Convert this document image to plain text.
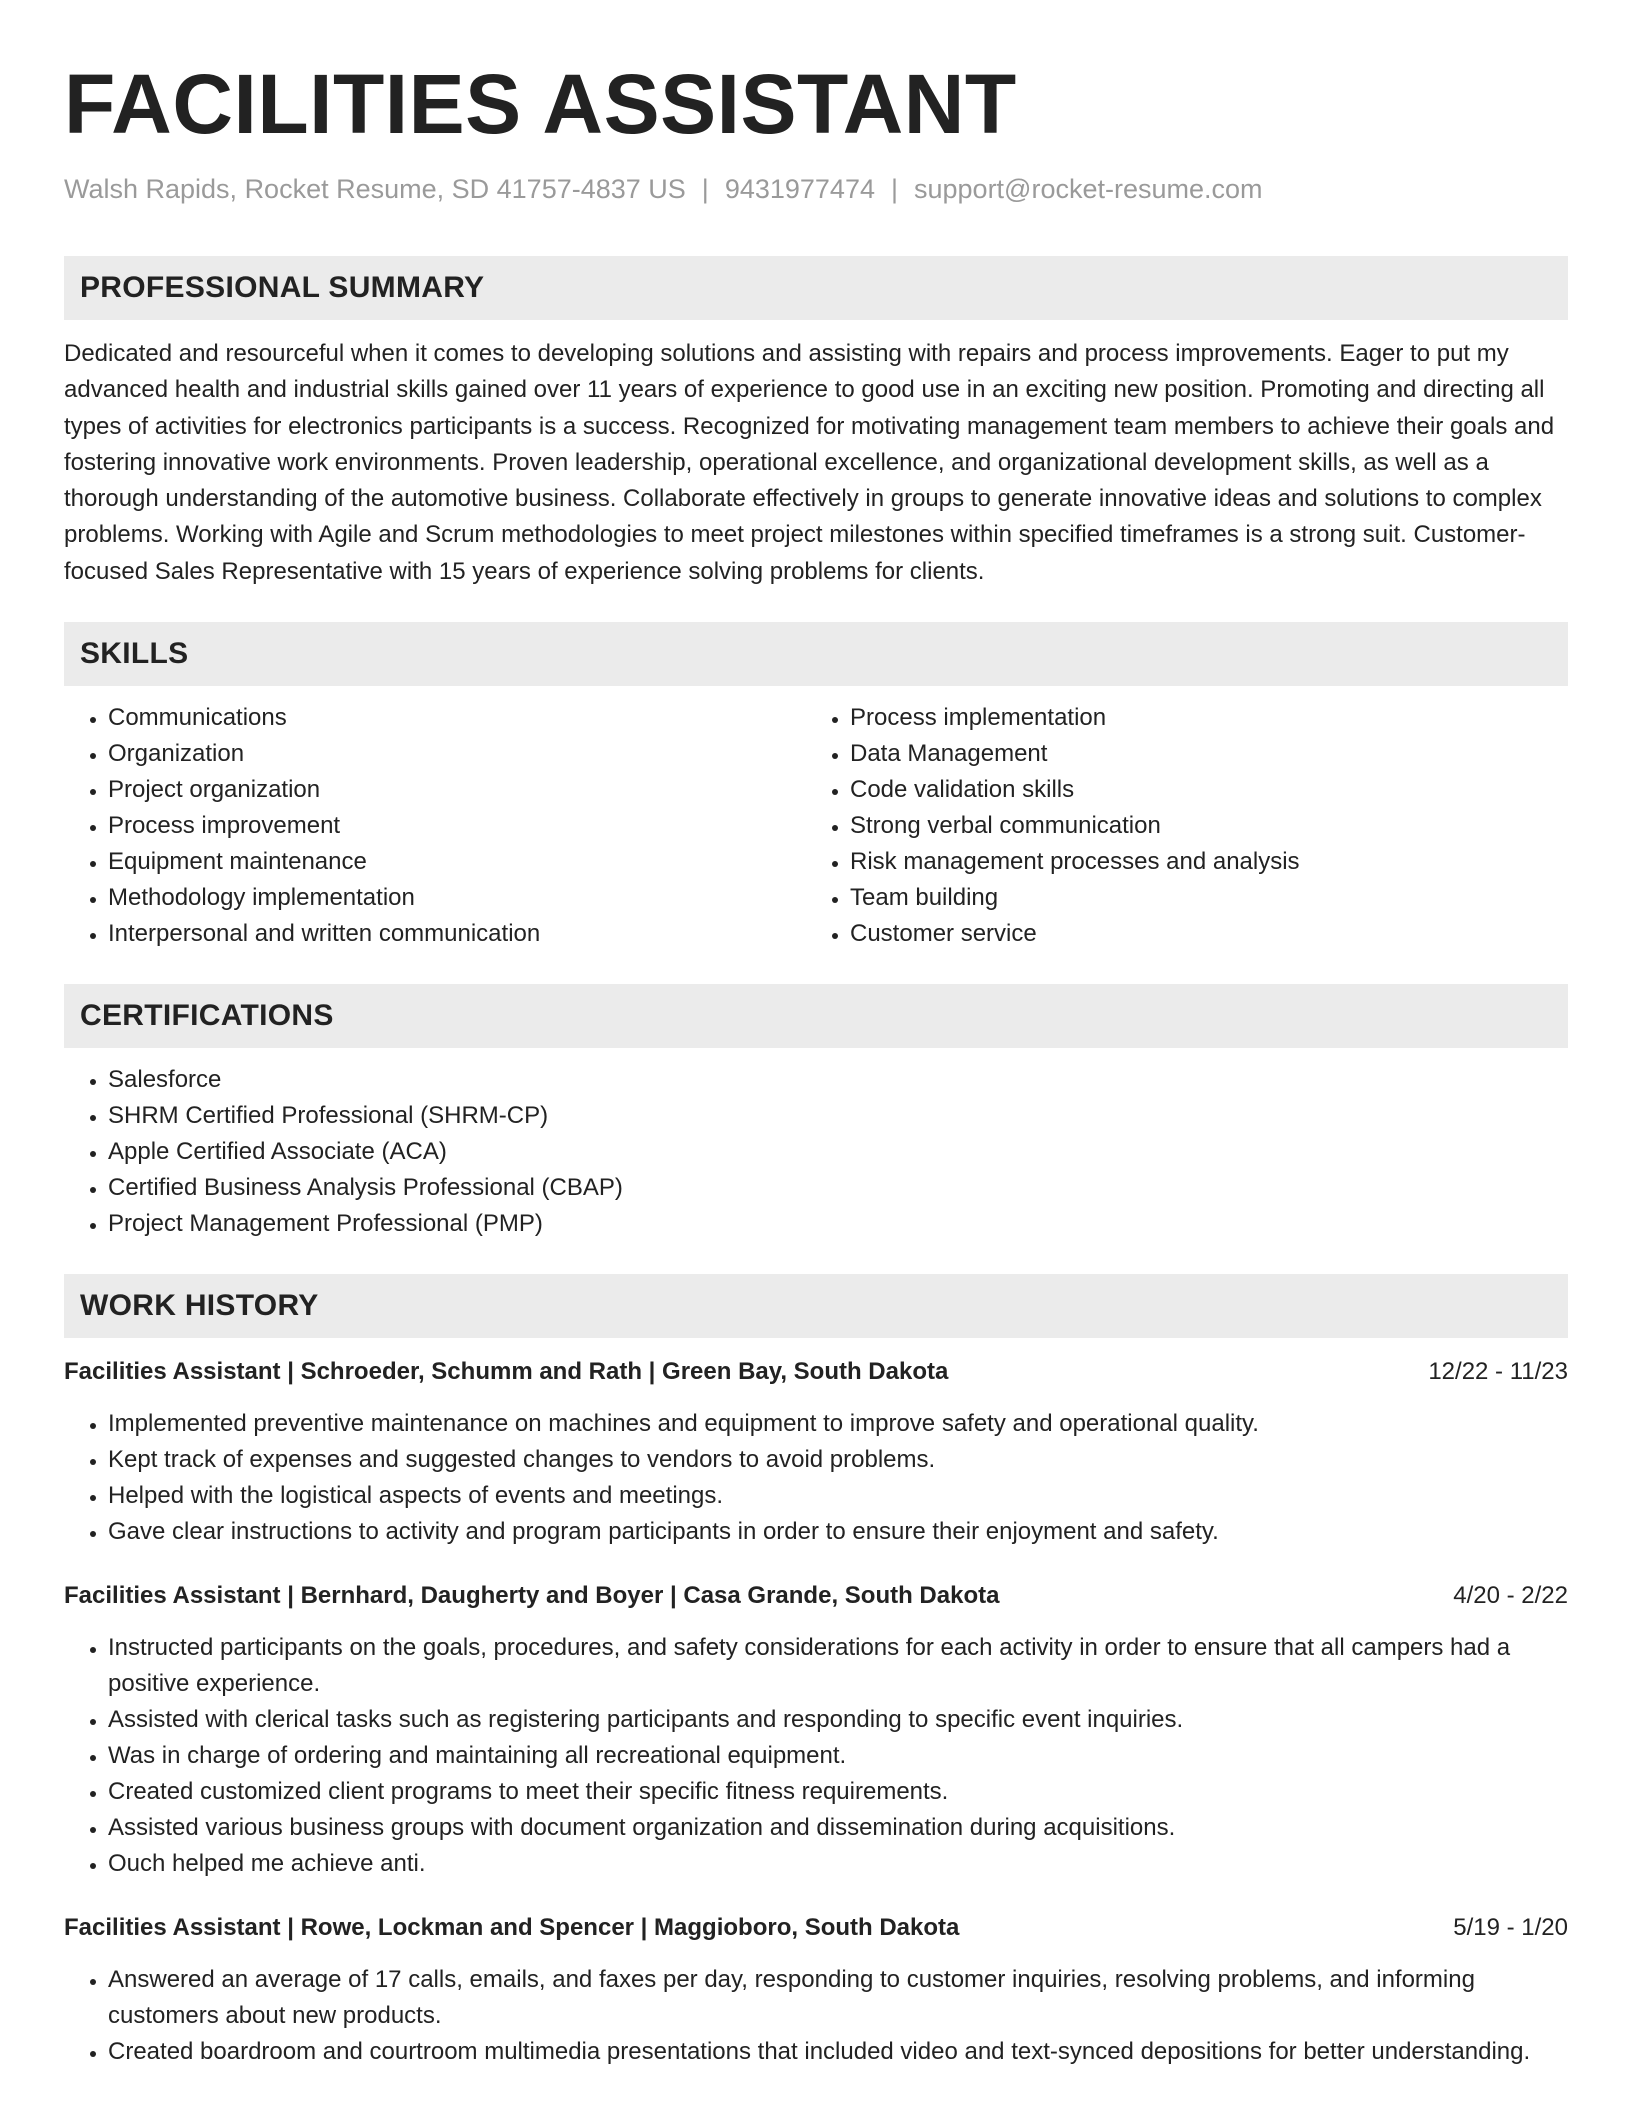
FACILITIES ASSISTANT
Walsh Rapids, Rocket Resume, SD 41757-4837 US | 9431977474 | support@rocket-resume.com
PROFESSIONAL SUMMARY

Dedicated and resourceful when it comes to developing solutions and assisting with repairs and process improvements. Eager to put my advanced health and industrial skills gained over 11 years of experience to good use in an exciting new position. Promoting and directing all types of activities for electronics participants is a success. Recognized for motivating management team members to achieve their goals and fostering innovative work environments. Proven leadership, operational excellence, and organizational development skills, as well as a thorough understanding of the automotive business. Collaborate effectively in groups to generate innovative ideas and solutions to complex problems. Working with Agile and Scrum methodologies to meet project milestones within specified timeframes is a strong suit. Customer-focused Sales Representative with 15 years of experience solving problems for clients.

SKILLS
• Communications
• Organization
• Project organization
• Process improvement
• Equipment maintenance
• Methodology implementation
• Interpersonal and written communication
• Process implementation
• Data Management
• Code validation skills
• Strong verbal communication
• Risk management processes and analysis
• Team building
• Customer service
CERTIFICATIONS
• Salesforce
• SHRM Certified Professional (SHRM-CP)
• Apple Certified Associate (ACA)
• Certified Business Analysis Professional (CBAP)
• Project Management Professional (PMP)
WORK HISTORY
Facilities Assistant | Schroeder, Schumm and Rath | Green Bay, South Dakota	12/22 - 11/23
• Implemented preventive maintenance on machines and equipment to improve safety and operational quality.
• Kept track of expenses and suggested changes to vendors to avoid problems.
• Helped with the logistical aspects of events and meetings.
• Gave clear instructions to activity and program participants in order to ensure their enjoyment and safety.
Facilities Assistant | Bernhard, Daugherty and Boyer | Casa Grande, South Dakota	4/20 - 2/22
• Instructed participants on the goals, procedures, and safety considerations for each activity in order to ensure that all campers had a positive experience.
• Assisted with clerical tasks such as registering participants and responding to specific event inquiries.
• Was in charge of ordering and maintaining all recreational equipment.
• Created customized client programs to meet their specific fitness requirements.
• Assisted various business groups with document organization and dissemination during acquisitions.
• Ouch helped me achieve anti.
Facilities Assistant | Rowe, Lockman and Spencer | Maggioboro, South Dakota	5/19 - 1/20
• Answered an average of 17 calls, emails, and faxes per day, responding to customer inquiries, resolving problems, and informing customers about new products.
• Created boardroom and courtroom multimedia presentations that included video and text-synced depositions for better understanding.
